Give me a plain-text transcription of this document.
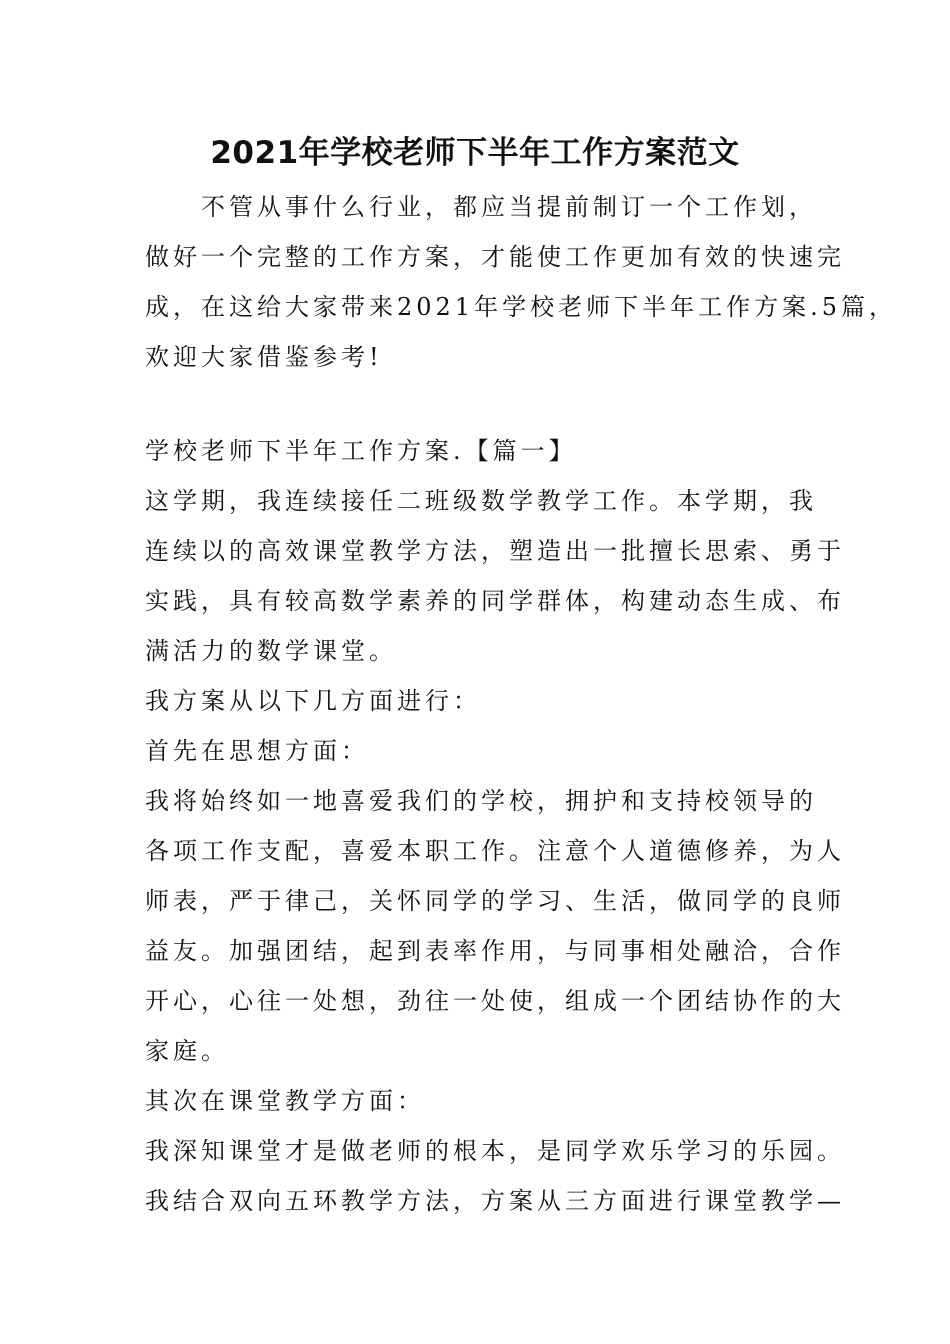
2021年学校老师下半年工作方案范文
　　不管从事什么行业，都应当提前制订一个工作划，
做好一个完整的工作方案，才能使工作更加有效的快速完
成，在这给大家带来2021年学校老师下半年工作方案.5篇，
欢迎大家借鉴参考!
学校老师下半年工作方案.【篇一】
这学期，我连续接任二班级数学教学工作。本学期，我
连续以的高效课堂教学方法，塑造出一批擅长思索、勇于
实践，具有较高数学素养的同学群体，构建动态生成、布
满活力的数学课堂。
我方案从以下几方面进行：
首先在思想方面：
我将始终如一地喜爱我们的学校，拥护和支持校领导的
各项工作支配，喜爱本职工作。注意个人道德修养，为人
师表，严于律己，关怀同学的学习、生活，做同学的良师
益友。加强团结，起到表率作用，与同事相处融洽，合作
开心，心往一处想，劲往一处使，组成一个团结协作的大
家庭。
其次在课堂教学方面：
我深知课堂才是做老师的根本，是同学欢乐学习的乐园。
我结合双向五环教学方法，方案从三方面进行课堂教学—
